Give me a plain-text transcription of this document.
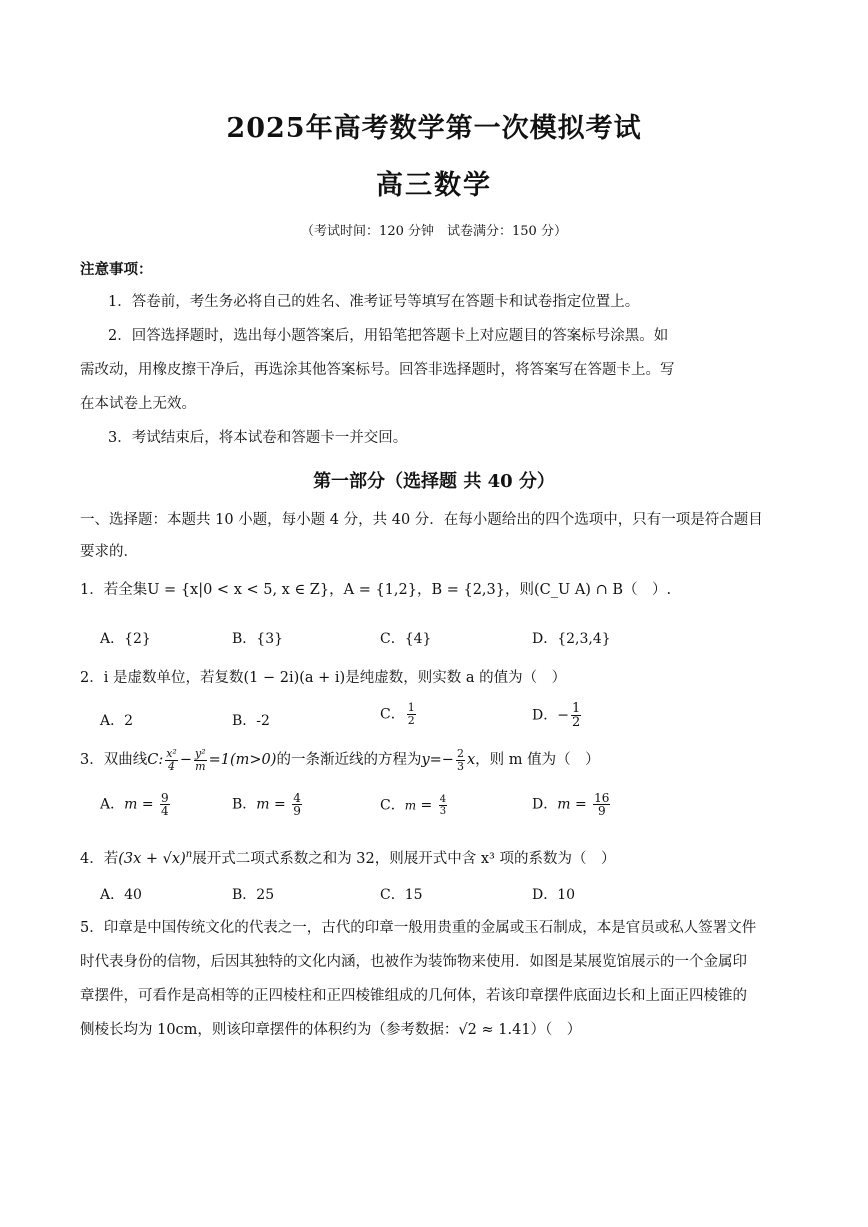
2025年高考数学第一次模拟考试
高三数学
（考试时间：120 分钟　试卷满分：150 分）
注意事项：
1．答卷前，考生务必将自己的姓名、准考证号等填写在答题卡和试卷指定位置上。
2．回答选择题时，选出每小题答案后，用铅笔把答题卡上对应题目的答案标号涂黑。如
需改动，用橡皮擦干净后，再选涂其他答案标号。回答非选择题时，将答案写在答题卡上。写
在本试卷上无效。
3．考试结束后，将本试卷和答题卡一并交回。
第一部分（选择题 共 40 分）
一、选择题：本题共 10 小题，每小题 4 分，共 40 分．在每小题给出的四个选项中，只有一项是符合题目
要求的．
1．若全集U = {x|0 < x < 5, x ∈ Z}，A = {1,2}，B = {2,3}，则(C_U A) ∩ B（　）.
A．{2}	B．{3}	C．{4}	D．{2,3,4}
2．i 是虚数单位，若复数(1 − 2i)(a + i)是纯虚数，则实数 a 的值为（　）
A．2	B．-2	C． $\frac{1}{2}$	D．− $\frac{1}{2}$
3．双曲线C: $\frac{\text{x²}}{4} - \frac{\text{y²}}{m} =1(m>0)$的一条渐近线的方程为$y=- \frac{2}{3}$ x，则 m 值为（　）
A．$m = \frac{9}{4}$	B．$m = \frac{4}{9}$	C．$m = \frac{4}{3}$	D．$m = \frac{16}{9}$
4．若$(3x + √x)^n$展开式二项式系数之和为 32，则展开式中含 x³ 项的系数为（　）
A．40	B．25	C．15	D．10
5．印章是中国传统文化的代表之一，古代的印章一般用贵重的金属或玉石制成，本是官员或私人签署文件
时代表身份的信物，后因其独特的文化内涵，也被作为装饰物来使用．如图是某展览馆展示的一个金属印
章摆件，可看作是高相等的正四棱柱和正四棱锥组成的几何体，若该印章摆件底面边长和上面正四棱锥的
侧棱长均为 10cm，则该印章摆件的体积约为（参考数据：√2 ≈ 1.41）（　）
